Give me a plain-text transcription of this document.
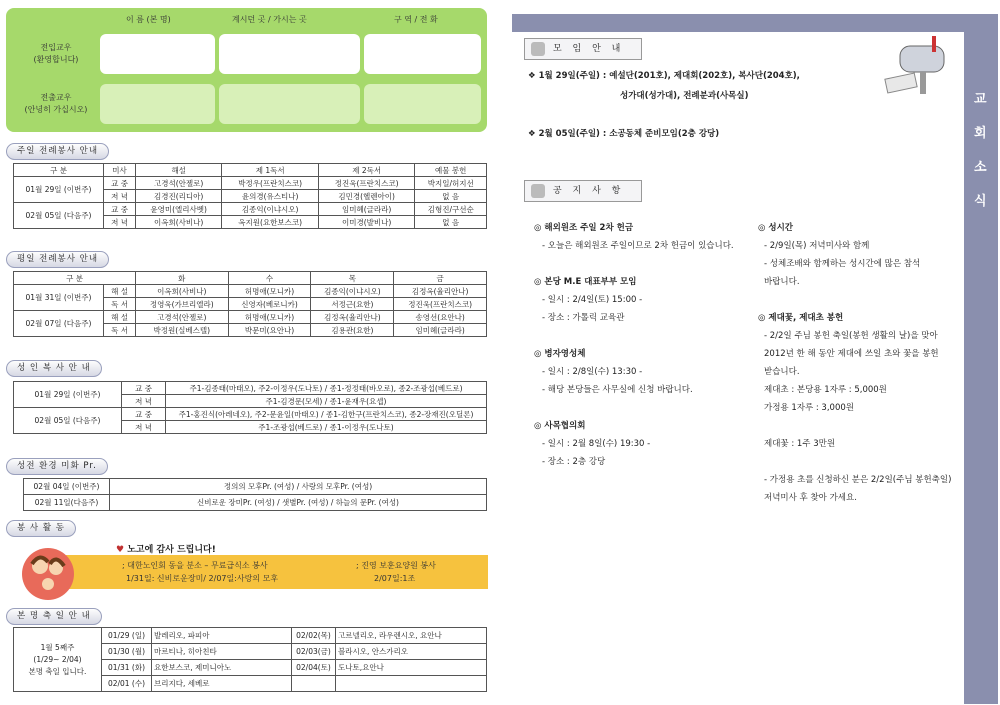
이 름 (본 명)	계시던 곳 / 가시는 곳	구 역 / 전 화
전입교우
(환영합니다)
전출교우
(안녕히 가십시오)
주일 전례봉사 안내
구 분	미사	해설	제 1독서	제 2독서	예물 봉헌
01월 29일 (이번주)	교 중	고경석(안젤로)	박정우(프란치스코)	정진욱(프란치스코)	박지일/허지선
	저 녁	김경진(리디아)	윤의경(유스티나)	김민경(헬렌아이)	없 음
02월 05일 (다음주)	교 중	윤영미(엘리사벳)	김종익(이냐시오)	임미혜(글라라)	김형진/구선순
	저 녁	이옥희(사비나)	옥지원(요한보스코)	이미경(발비나)	없 음
평일 전례봉사 안내
구 분		화	수	목	금
01월 31일 (이번주)	해 설	이옥희(사비나)	허명애(모니카)	김종익(이냐시오)	김정옥(율리안나)
	독 서	정영욱(가브리엘라)	신영자(베로니카)	서정근(요한)	정진욱(프란치스코)
02월 07일 (다음주)	해 설	고경석(안젤로)	허명애(모니카)	김정옥(율리안나)	송영선(요안나)
	독 서	박정원(실베스텔)	박문미(요안나)	김용관(요한)	임미혜(글라라)
성 인 복 사 안 내
01월 29일 (이번주)	교 중	주1-김종태(마태오), 주2-이정우(도나토) / 종1-정정태(바오로), 종2-조광섭(베드로)
	저 녁	주1-김경문(모세) / 종1-윤재우(요셉)
02월 05일 (다음주)	교 중	주1-홍진식(아레네오), 주2-문윤일(마태오) / 종1-김한구(프란치스코), 종2-장재진(오딜론)
	저 녁	주1-조광섭(베드로) / 종1-이정우(도나토)
성전 환경 미화 Pr.
02월 04일 (이번주)	정의의 모후Pr. (여성) / 사랑의 모후Pr. (여성)
02월 11일(다음주)	신비로운 장미Pr. (여성) / 샛별Pr. (여성) / 하늘의 문Pr. (여성)
봉 사 활 동
♥ 노고에 감사 드립니다!
; 대한노인회 동을 분소 – 무료급식소 봉사	; 진영 보훈요양원 봉사
1/31일: 신비로운장미/ 2/07일:사랑의 모후	2/07일:1조
본 명 축 일 안 내
1월 5째주
(1/29~ 2/04)
본명 축일 입니다.	01/29 (일)	발레리오, 파피아	02/02(목)	고르넬리오, 라우렌시오, 요안나
	01/30 (월)	마르티나, 히아친타	02/03(금)	블라시오, 안스가리오
	01/31 (화)	요한보스코, 제미니아노	02/04(토)	도나토,요안나
	02/01 (수)	브리지다, 세베로		
교
회
소
식
모 임 안 내
❖ 1월 29일(주일) : 예설단(201호), 제대회(202호), 복사단(204호),
성가대(성가대), 전례분과(사목실)
❖ 2월 05일(주일) : 소공동체 준비모임(2층 강당)
공 지 사 항
◎ 해외원조 주일 2차 헌금
- 오늘은 해외원조 주일이므로 2차 헌금이 있습니다.
◎ 본당 M.E 대표부부 모임
- 일시 : 2/4일(토) 15:00 -
- 장소 : 가톨릭 교육관
◎ 병자영성체
- 일시 : 2/8일(수) 13:30 -
- 해당 본당들은 사무실에 신청 바랍니다.
◎ 사목협의회
- 일시 : 2월 8일(수) 19:30 -
- 장소 : 2층 강당
◎ 성시간
- 2/9일(목) 저녁미사와 함께
- 성체조배와 함께하는 성시간에 많은 참석
바랍니다.
◎ 제대꽃, 제대초 봉헌
- 2/2일 주님 봉헌 축일(봉헌 생활의 날)을 맞아
2012년 한 해 동안 제대에 쓰일 초와 꽃을 봉헌
받습니다.
제대초 : 본당용 1자루 : 5,000원
가정용 1자루 : 3,000원
제대꽃 : 1주 3만원
- 가정용 초를 신청하신 분은 2/2일(주님 봉헌축일)
저녁미사 후 찾아 가세요.
